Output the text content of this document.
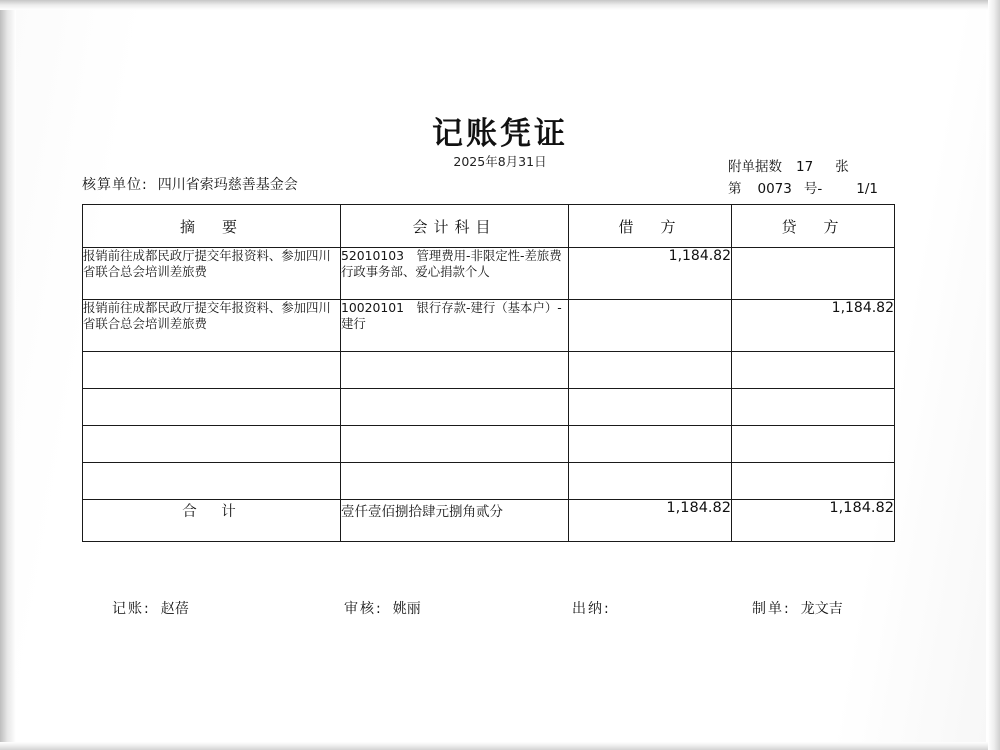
记账凭证
2025年8月31日
核算单位: 四川省索玛慈善基金会
附单据数 17 张
第 0073 号-	1/1
摘　要	会计科目	借　方	贷　方
报销前往成都民政厅提交年报资料、参加四川省联合总会培训差旅费	52010103　管理费用-非限定性-差旅费　行政事务部、爱心捐款个人	1,184.82	
报销前往成都民政厅提交年报资料、参加四川省联合总会培训差旅费	10020101　银行存款-建行（基本户）-建行		1,184.82

合　计	壹仟壹佰捌拾肆元捌角贰分	1,184.82	1,184.82
记账: 赵蓓	审核: 姚丽	出纳:	制单: 龙文吉
